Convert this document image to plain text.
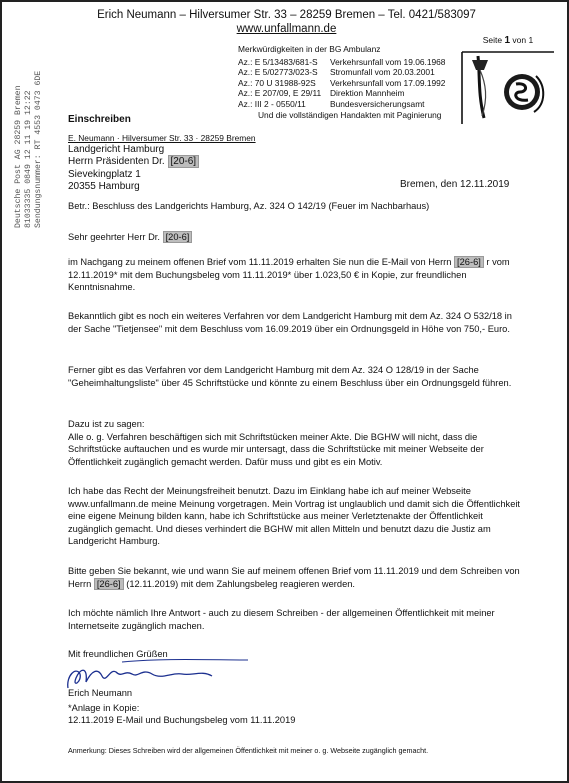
Erich Neumann – Hilversumer Str. 33 – 28259 Bremen – Tel. 0421/583097
www.unfallmann.de
Deutsche Post AG 28259 Bremen 81033335 0849 12 11 19 12:22 Sendungsnummer: RT 4553 0473 6DE
Merkwürdigkeiten in der BG Ambulanz
Az.: E 5/13483/681-S	Verkehrsunfall vom 19.06.1968
Az.: E 5/02773/023-S	Stromunfall vom 20.03.2001
Az.: 70 U 31988-92S	Verkehrsunfall vom 17.09.1992
Az.: E 207/09, E 29/11	Direktion Mannheim
Az.: III 2 - 0550/11	Bundesversicherungsamt
Und die vollständigen Handakten mit Paginierung
Seite 1 von 1
Einschreiben
E. Neumann · Hilversumer Str. 33 · 28259 Bremen
Landgericht Hamburg
Herrn Präsidenten Dr. [20-6]
Sievekingplatz 1
20355 Hamburg	Bremen, den 12.11.2019
Betr.: Beschluss des Landgerichts Hamburg, Az. 324 O 142/19 (Feuer im Nachbarhaus)
Sehr geehrter Herr Dr. [20-6]
im Nachgang zu meinem offenen Brief vom 11.11.2019 erhalten Sie nun die E-Mail von Herrn [26-6] r vom 12.11.2019* mit dem Buchungsbeleg vom 11.11.2019* über 1.023,50 € in Kopie, zur freundlichen Kenntnisnahme.
Bekanntlich gibt es noch ein weiteres Verfahren vor dem Landgericht Hamburg mit dem Az. 324 O 532/18 in der Sache "Tietjensee" mit dem Beschluss vom 16.09.2019 über ein Ordnungsgeld in Höhe von 750,- Euro.
Ferner gibt es das Verfahren vor dem Landgericht Hamburg mit dem Az. 324 O 128/19 in der Sache "Geheimhaltungsliste" über 45 Schriftstücke und könnte zu einem Beschluss über ein Ordnungsgeld führen.
Dazu ist zu sagen:
Alle o. g. Verfahren beschäftigen sich mit Schriftstücken meiner Akte. Die BGHW will nicht, dass die Schriftstücke auftauchen und es wurde mir untersagt, dass die Schriftstücke mit meiner Webseite der Öffentlichkeit zugänglich gemacht werden. Dafür muss und gibt es ein Motiv.
Ich habe das Recht der Meinungsfreiheit benutzt. Dazu im Einklang habe ich auf meiner Webseite www.unfallmann.de meine Meinung vorgetragen. Mein Vortrag ist unglaublich und damit sich die Öffentlichkeit eine eigene Meinung bilden kann, habe ich Schriftstücke aus meiner Verletztenakte der Öffentlichkeit zugänglich gemacht. Und dieses verhindert die BGHW mit allen Mitteln und benutzt dazu die Justiz am Landgericht Hamburg.
Bitte geben Sie bekannt, wie und wann Sie auf meinem offenen Brief vom 11.11.2019 und dem Schreiben von Herrn [26-6] (12.11.2019) mit dem Zahlungsbeleg reagieren werden.
Ich möchte nämlich Ihre Antwort - auch zu diesem Schreiben - der allgemeinen Öffentlichkeit mit meiner Internetseite zugänglich machen.
Mit freundlichen Grüßen
Erich Neumann
*Anlage in Kopie:
12.11.2019 E-Mail und Buchungsbeleg vom 11.11.2019
Anmerkung: Dieses Schreiben wird der allgemeinen Öffentlichkeit mit meiner o. g. Webseite zugänglich gemacht.
